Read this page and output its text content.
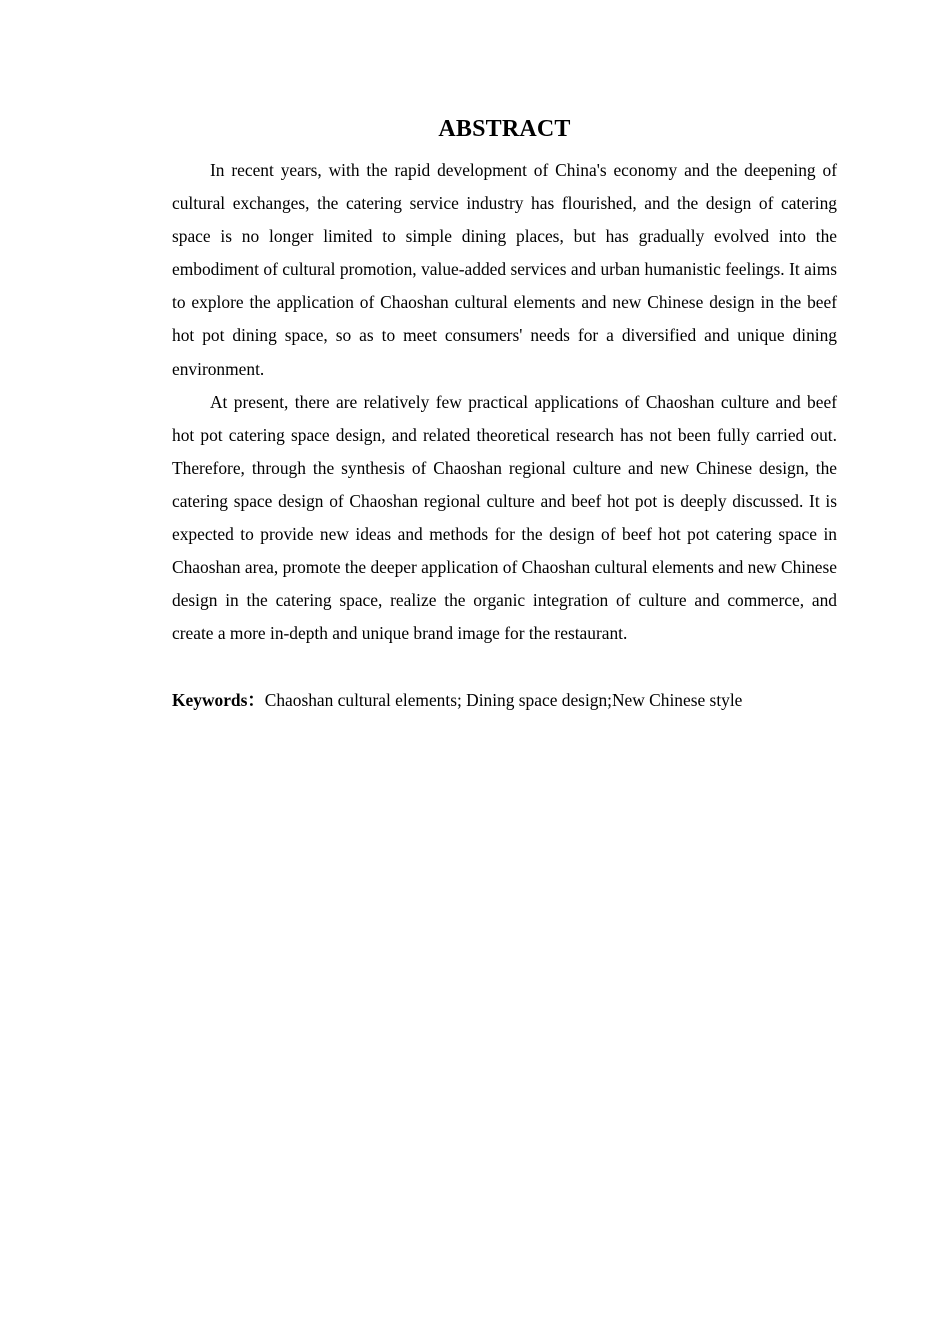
ABSTRACT

In recent years, with the rapid development of China's economy and the deepening of cultural exchanges, the catering service industry has flourished, and the design of catering space is no longer limited to simple dining places, but has gradually evolved into the embodiment of cultural promotion, value-added services and urban humanistic feelings. It aims to explore the application of Chaoshan cultural elements and new Chinese design in the beef hot pot dining space, so as to meet consumers' needs for a diversified and unique dining environment.

At present, there are relatively few practical applications of Chaoshan culture and beef hot pot catering space design, and related theoretical research has not been fully carried out. Therefore, through the synthesis of Chaoshan regional culture and new Chinese design, the catering space design of Chaoshan regional culture and beef hot pot is deeply discussed. It is expected to provide new ideas and methods for the design of beef hot pot catering space in Chaoshan area, promote the deeper application of Chaoshan cultural elements and new Chinese design in the catering space, realize the organic integration of culture and commerce, and create a more in-depth and unique brand image for the restaurant.

Keywords：Chaoshan cultural elements; Dining space design;New Chinese style
